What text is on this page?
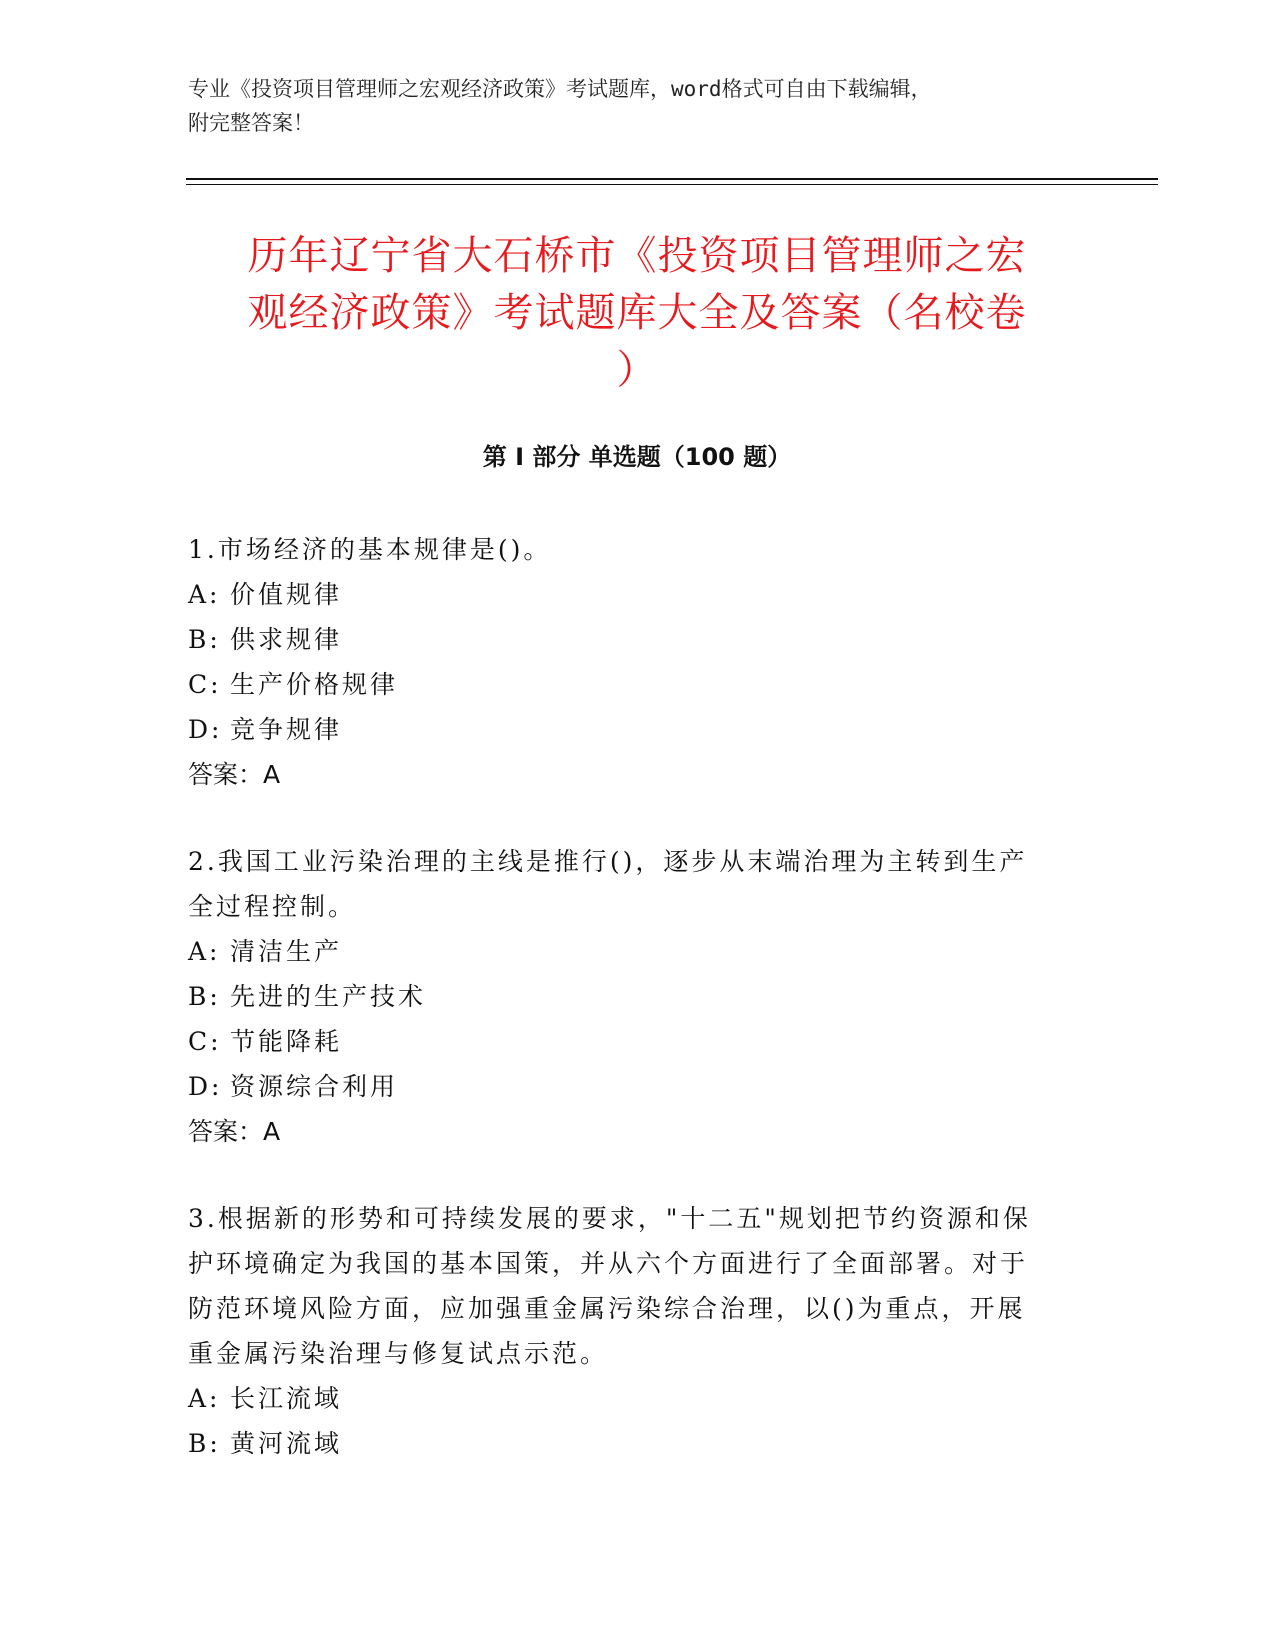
专业《投资项目管理师之宏观经济政策》考试题库，word格式可自由下载编辑，
附完整答案！
历年辽宁省大石桥市《投资项目管理师之宏
观经济政策》考试题库大全及答案（名校卷
）
第 I 部分 单选题（100 题）

1.市场经济的基本规律是()。

A: 价值规律

B: 供求规律

C: 生产价格规律

D: 竞争规律

答案：A

2.我国工业污染治理的主线是推行()，逐步从末端治理为主转到生产

全过程控制。

A: 清洁生产

B: 先进的生产技术

C: 节能降耗

D: 资源综合利用

答案：A

3.根据新的形势和可持续发展的要求，"十二五"规划把节约资源和保

护环境确定为我国的基本国策，并从六个方面进行了全面部署。对于

防范环境风险方面，应加强重金属污染综合治理，以()为重点，开展

重金属污染治理与修复试点示范。

A: 长江流域

B: 黄河流域
